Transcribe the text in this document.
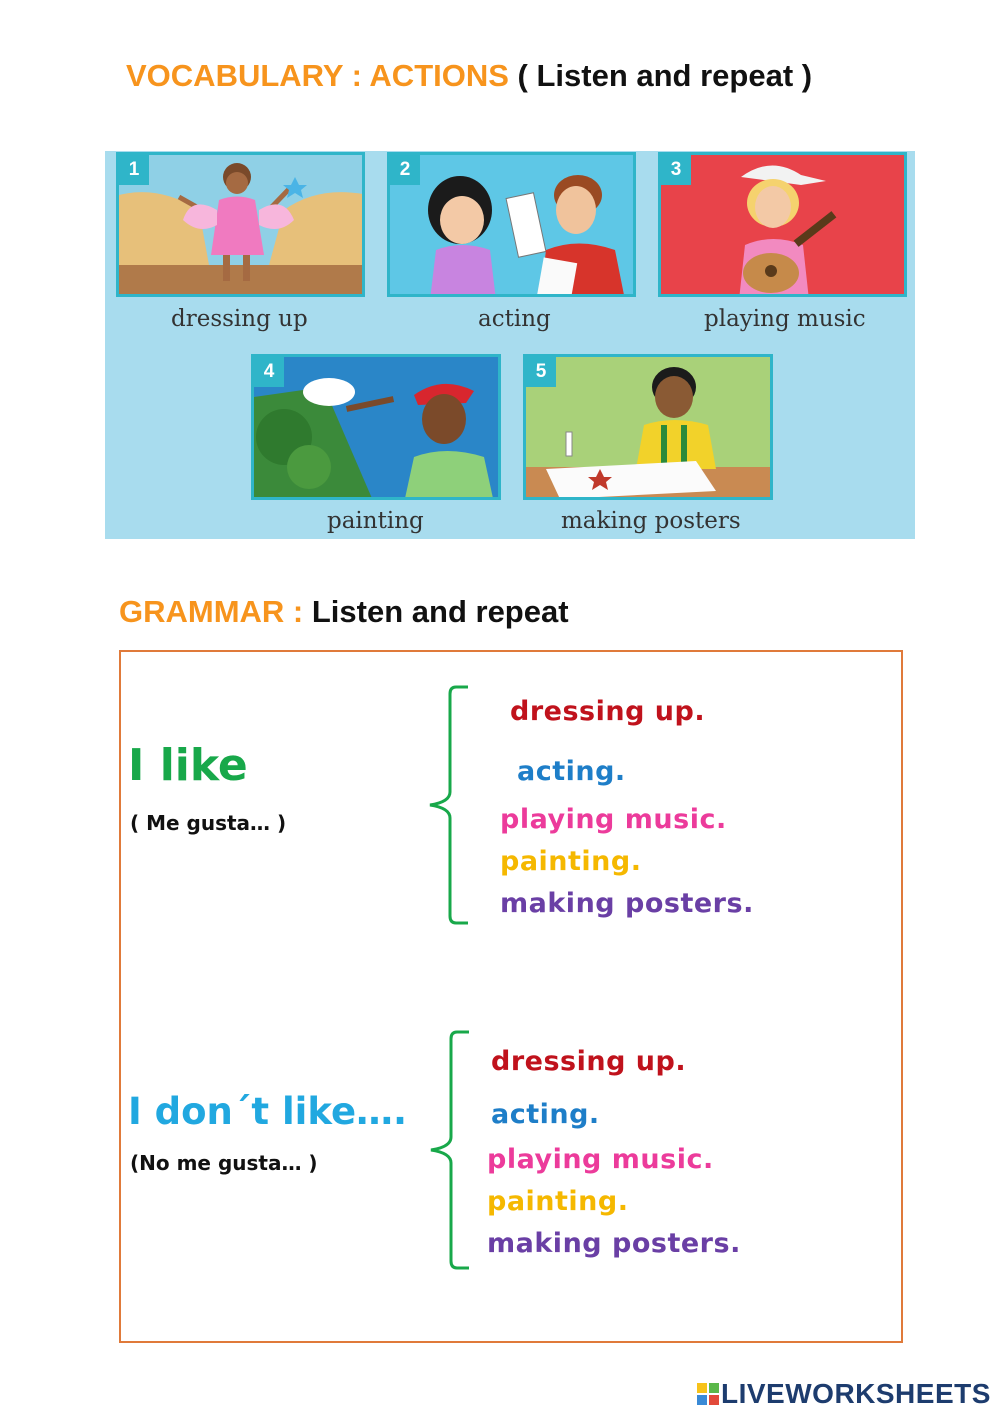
VOCABULARY : ACTIONS ( Listen and repeat )
1
dressing up
2
acting
3
playing music
4
painting
5
making posters
GRAMMAR : Listen and repeat
I like
( Me gusta… )
dressing up.
acting.
playing music.
painting.
making posters.
I don´t like….
(No me gusta… )
dressing up.
acting.
playing music.
painting.
making posters.
LIVEWORKSHEETS
